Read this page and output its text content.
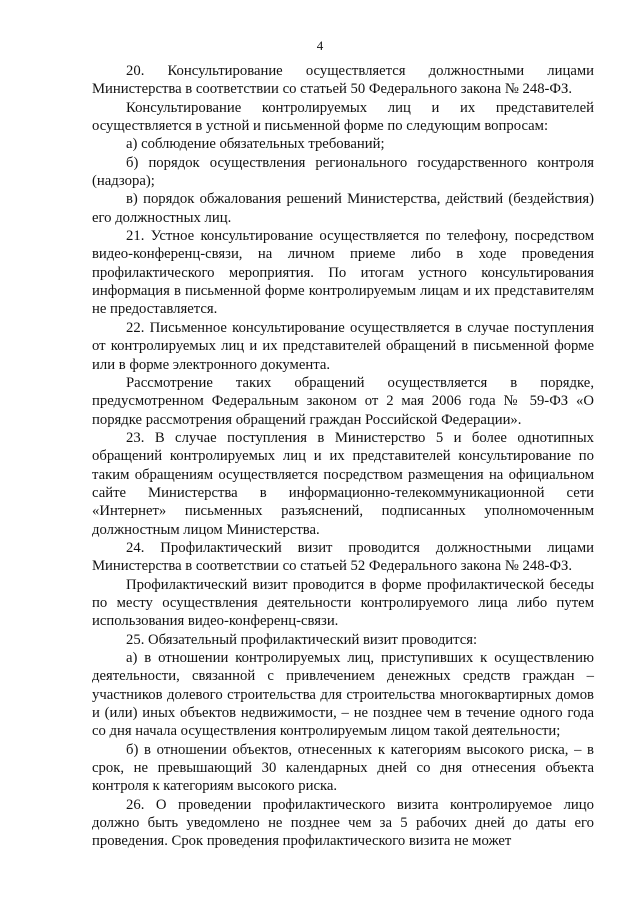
4

20. Консультирование осуществляется должностными лицами Министерства в соответствии со статьей 50 Федерального закона № 248-ФЗ.

Консультирование контролируемых лиц и их представителей осуществляется в устной и письменной форме по следующим вопросам:

а) соблюдение обязательных требований;

б) порядок осуществления регионального государственного контроля (надзора);

в) порядок обжалования решений Министерства, действий (бездействия) его должностных лиц.

21. Устное консультирование осуществляется по телефону, посредством видео-конференц-связи, на личном приеме либо в ходе проведения профилактического мероприятия. По итогам устного консультирования информация в письменной форме контролируемым лицам и их представителям не предоставляется.

22. Письменное консультирование осуществляется в случае поступления от контролируемых лиц и их представителей обращений в письменной форме или в форме электронного документа.

Рассмотрение таких обращений осуществляется в порядке, предусмотренном Федеральным законом от 2 мая 2006 года № 59-ФЗ «О порядке рассмотрения обращений граждан Российской Федерации».

23. В случае поступления в Министерство 5 и более однотипных обращений контролируемых лиц и их представителей консультирование по таким обращениям осуществляется посредством размещения на официальном сайте Министерства в информационно-телекоммуникационной сети «Интернет» письменных разъяснений, подписанных уполномоченным должностным лицом Министерства.

24. Профилактический визит проводится должностными лицами Министерства в соответствии со статьей 52 Федерального закона № 248-ФЗ.

Профилактический визит проводится в форме профилактической беседы по месту осуществления деятельности контролируемого лица либо путем использования видео-конференц-связи.

25. Обязательный профилактический визит проводится:

а) в отношении контролируемых лиц, приступивших к осуществлению деятельности, связанной с привлечением денежных средств граждан – участников долевого строительства для строительства многоквартирных домов и (или) иных объектов недвижимости, – не позднее чем в течение одного года со дня начала осуществления контролируемым лицом такой деятельности;

б) в отношении объектов, отнесенных к категориям высокого риска, – в срок, не превышающий 30 календарных дней со дня отнесения объекта контроля к категориям высокого риска.

26. О проведении профилактического визита контролируемое лицо должно быть уведомлено не позднее чем за 5 рабочих дней до даты его проведения. Срок проведения профилактического визита не может
